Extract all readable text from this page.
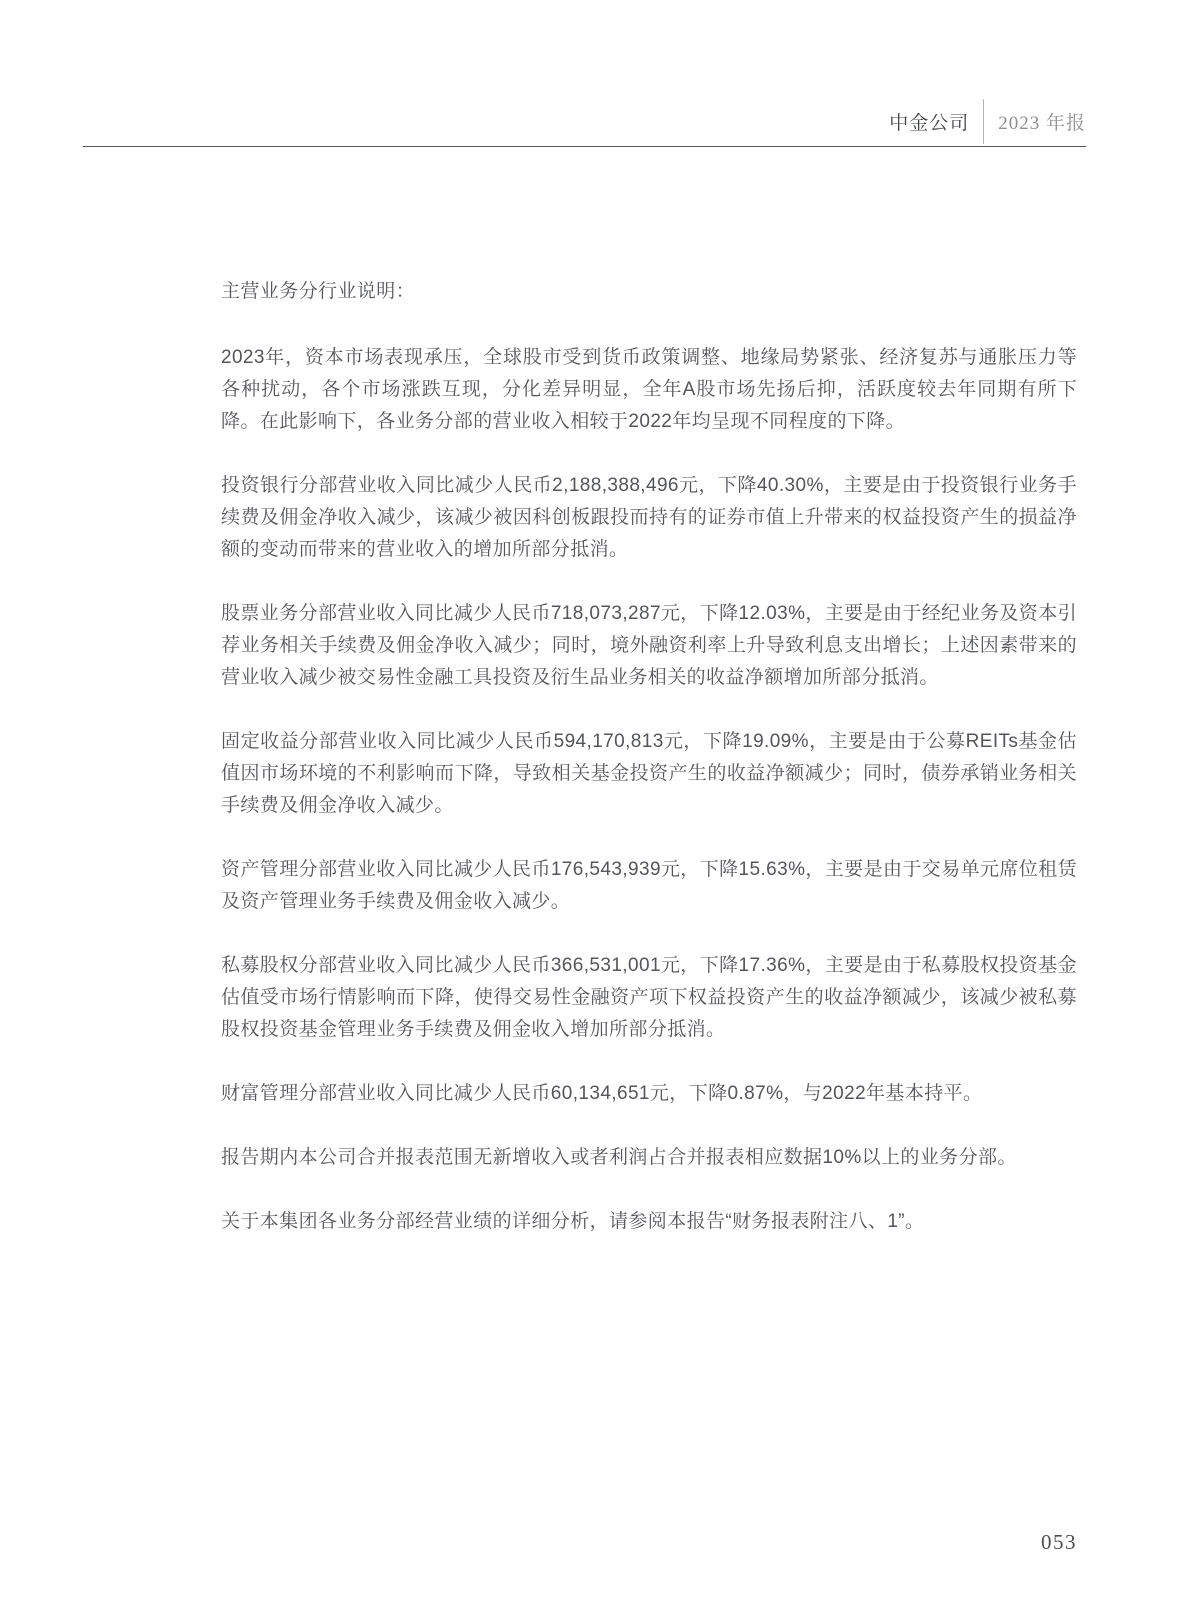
中金公司 2023 年报
主营业务分行业说明：

2023年，资本市场表现承压，全球股市受到货币政策调整、地缘局势紧张、经济复苏与通胀压力等各种扰动，各个市场涨跌互现，分化差异明显，全年A股市场先扬后抑，活跃度较去年同期有所下降。在此影响下，各业务分部的营业收入相较于2022年均呈现不同程度的下降。

投资银行分部营业收入同比减少人民币2,188,388,496元，下降40.30%，主要是由于投资银行业务手续费及佣金净收入减少，该减少被因科创板跟投而持有的证券市值上升带来的权益投资产生的损益净额的变动而带来的营业收入的增加所部分抵消。

股票业务分部营业收入同比减少人民币718,073,287元，下降12.03%，主要是由于经纪业务及资本引荐业务相关手续费及佣金净收入减少；同时，境外融资利率上升导致利息支出增长；上述因素带来的营业收入减少被交易性金融工具投资及衍生品业务相关的收益净额增加所部分抵消。

固定收益分部营业收入同比减少人民币594,170,813元，下降19.09%，主要是由于公募REITs基金估值因市场环境的不利影响而下降，导致相关基金投资产生的收益净额减少；同时，债券承销业务相关手续费及佣金净收入减少。

资产管理分部营业收入同比减少人民币176,543,939元，下降15.63%，主要是由于交易单元席位租赁及资产管理业务手续费及佣金收入减少。

私募股权分部营业收入同比减少人民币366,531,001元，下降17.36%，主要是由于私募股权投资基金估值受市场行情影响而下降，使得交易性金融资产项下权益投资产生的收益净额减少，该减少被私募股权投资基金管理业务手续费及佣金收入增加所部分抵消。

财富管理分部营业收入同比减少人民币60,134,651元，下降0.87%，与2022年基本持平。

报告期内本公司合并报表范围无新增收入或者利润占合并报表相应数据10%以上的业务分部。

关于本集团各业务分部经营业绩的详细分析，请参阅本报告“财务报表附注八、1”。

053
